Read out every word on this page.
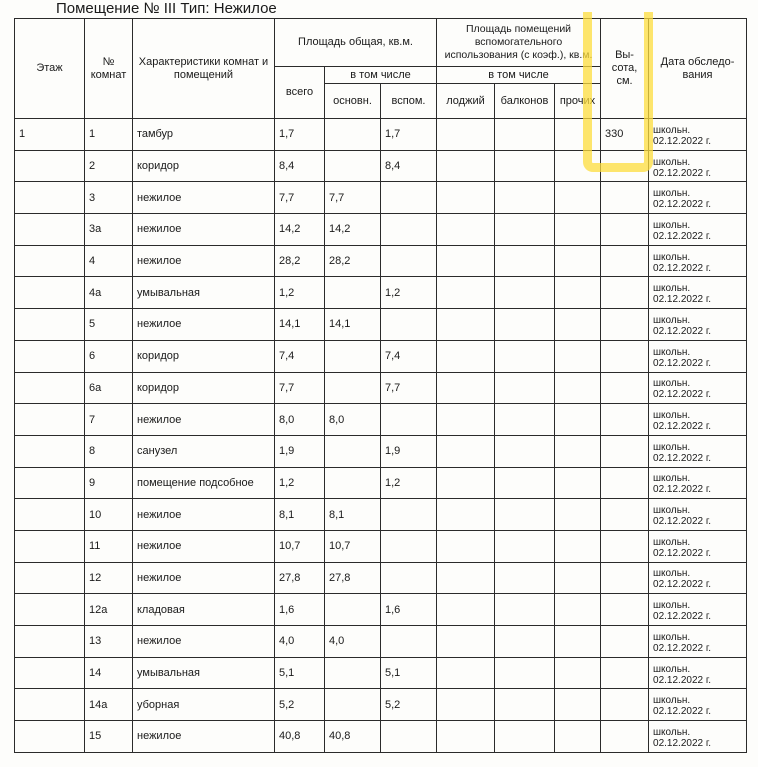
Помещение № III Тип: Нежилое
Этаж	№ комнат	Характеристики комнат и помещений	Площадь общая, кв.м.			Площадь помещений вспомогательного использования (с коэф.), кв.м.			Вы-сота, см.	Дата обследо-вания
			всего	в том числе		в том числе				
				основн.	вспом.	лоджий	балконов	прочих		
1	1	тамбур	1,7		1,7				330	школьн.
02.12.2022 г.

	2	коридор	8,4		8,4					школьн.
02.12.2022 г.

	3	нежилое	7,7	7,7						школьн.
02.12.2022 г.

	3а	нежилое	14,2	14,2						школьн.
02.12.2022 г.

	4	нежилое	28,2	28,2						школьн.
02.12.2022 г.

	4а	умывальная	1,2		1,2					школьн.
02.12.2022 г.

	5	нежилое	14,1	14,1						школьн.
02.12.2022 г.

	6	коридор	7,4		7,4					школьн.
02.12.2022 г.

	6а	коридор	7,7		7,7					школьн.
02.12.2022 г.

	7	нежилое	8,0	8,0						школьн.
02.12.2022 г.

	8	санузел	1,9		1,9					школьн.
02.12.2022 г.

	9	помещение подсобное	1,2		1,2					школьн.
02.12.2022 г.

	10	нежилое	8,1	8,1						школьн.
02.12.2022 г.

	11	нежилое	10,7	10,7						школьн.
02.12.2022 г.

	12	нежилое	27,8	27,8						школьн.
02.12.2022 г.

	12а	кладовая	1,6		1,6					школьн.
02.12.2022 г.

	13	нежилое	4,0	4,0						школьн.
02.12.2022 г.

	14	умывальная	5,1		5,1					школьн.
02.12.2022 г.

	14а	уборная	5,2		5,2					школьн.
02.12.2022 г.

	15	нежилое	40,8	40,8						школьн.
02.12.2022 г.
